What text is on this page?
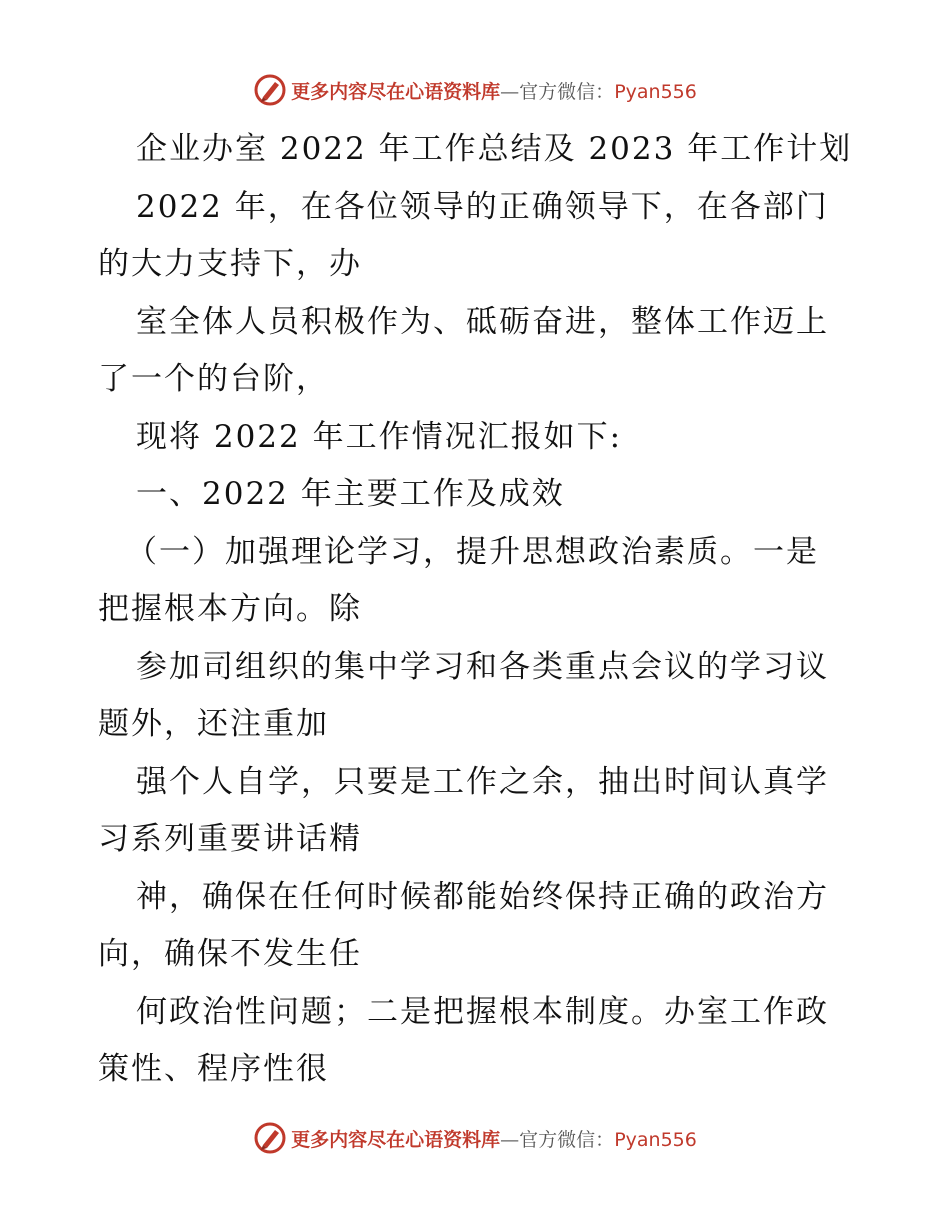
更多内容尽在心语资料库—官方微信：Pyan556
企业办室 2022 年工作总结及 2023 年工作计划
2022 年，在各位领导的正确领导下，在各部门
的大力支持下，办
室全体人员积极作为、砥砺奋进，整体工作迈上
了一个的台阶，
现将 2022 年工作情况汇报如下:
一、2022 年主要工作及成效
（一）加强理论学习，提升思想政治素质。一是
把握根本方向。除
参加司组织的集中学习和各类重点会议的学习议
题外，还注重加
强个人自学，只要是工作之余，抽出时间认真学
习系列重要讲话精
神，确保在任何时候都能始终保持正确的政治方
向，确保不发生任
何政治性问题；二是把握根本制度。办室工作政
策性、程序性很
更多内容尽在心语资料库—官方微信：Pyan556
